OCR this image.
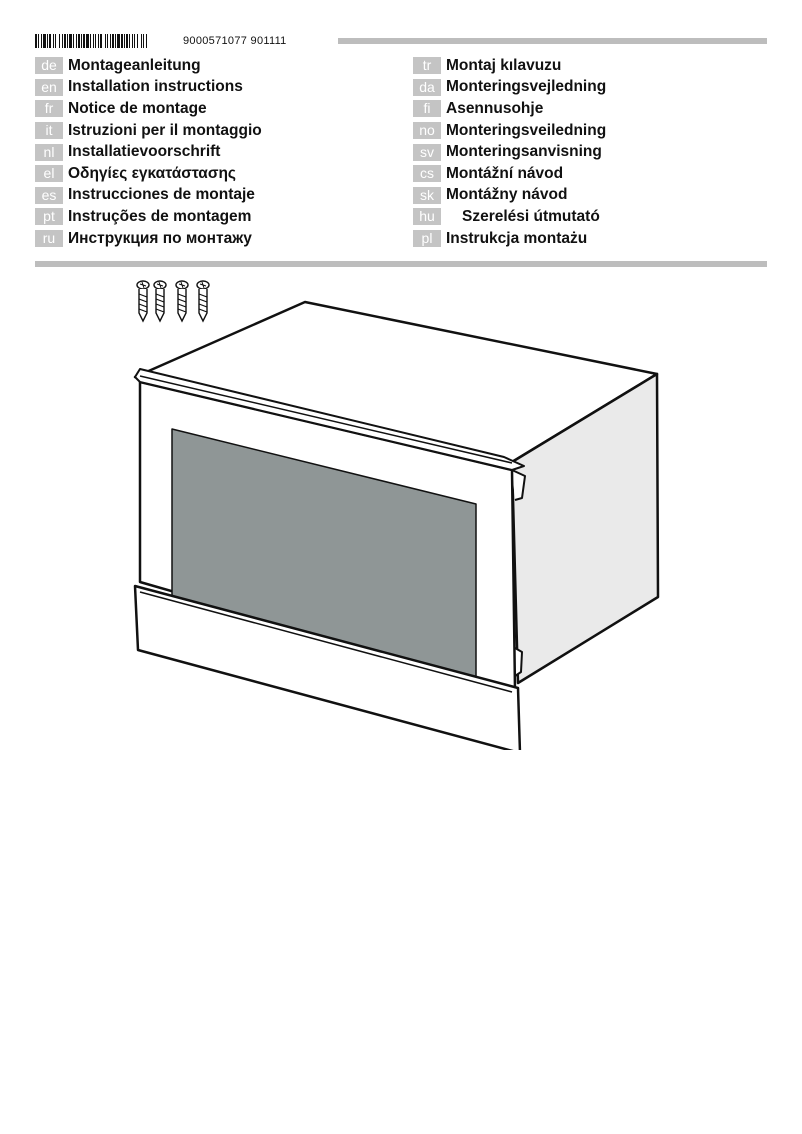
9000571077 901111
de Montageanleitung
en Installation instructions
fr Notice de montage
it	Istruzioni per il montaggio
nl Installatievoorschrift
el Οδηγίες εγκατάστασης
es Instrucciones de montaje
pt Instruções de montagem
ru Инструкция по монтажу
tr Montaj kılavuzu
da Monteringsvejledning
fi	Asennusohje
no Monteringsveiledning
sv Monteringsanvisning
cs Montážní návod
sk Montážny návod
hu	Szerelési útmutató
pl Instrukcja montażu
